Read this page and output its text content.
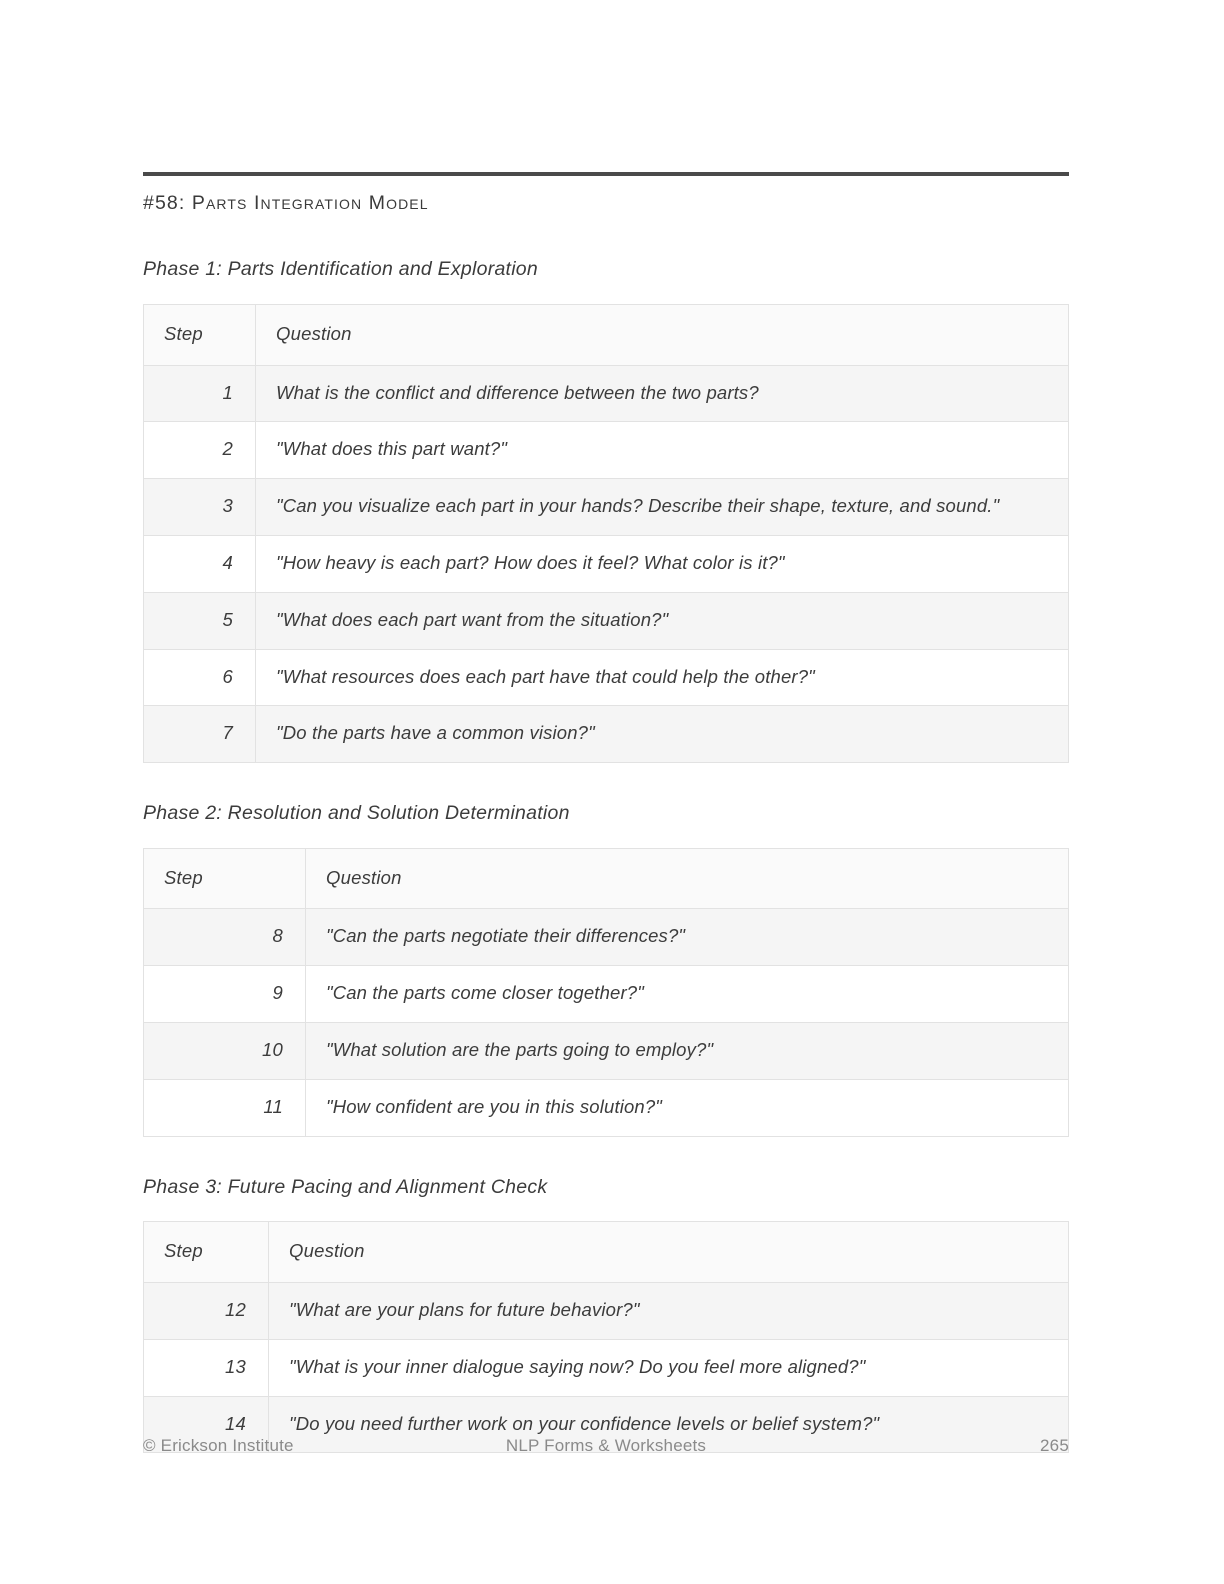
#58: Parts Integration Model
Phase 1: Parts Identification and Exploration
Step	Question
1	What is the conflict and difference between the two parts?
2	"What does this part want?"
3	"Can you visualize each part in your hands? Describe their shape, texture, and sound."
4	"How heavy is each part? How does it feel? What color is it?"
5	"What does each part want from the situation?"
6	"What resources does each part have that could help the other?"
7	"Do the parts have a common vision?"
Phase 2: Resolution and Solution Determination
Step	Question
8	"Can the parts negotiate their differences?"
9	"Can the parts come closer together?"
10	"What solution are the parts going to employ?"
11	"How confident are you in this solution?"
Phase 3: Future Pacing and Alignment Check
Step	Question
12	"What are your plans for future behavior?"
13	"What is your inner dialogue saying now? Do you feel more aligned?"
14	"Do you need further work on your confidence levels or belief system?"
© Erickson Institute	NLP Forms & Worksheets	265
